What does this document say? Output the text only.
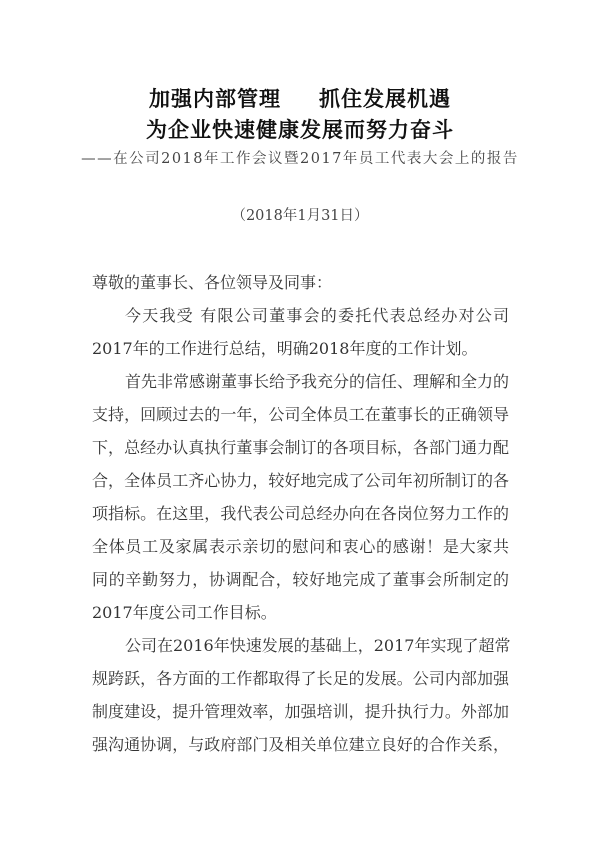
加强内部管理 抓住发展机遇
为企业快速健康发展而努力奋斗
——在公司2018年工作会议暨2017年员工代表大会上的报告
（2018年1月31日）
尊敬的董事长、各位领导及同事：
今天我受 有限公司董事会的委托代表总经办对公司
2017年的工作进行总结，明确2018年度的工作计划。
首先非常感谢董事长给予我充分的信任、理解和全力的
支持，回顾过去的一年，公司全体员工在董事长的正确领导
下，总经办认真执行董事会制订的各项目标，各部门通力配
合，全体员工齐心协力，较好地完成了公司年初所制订的各
项指标。在这里，我代表公司总经办向在各岗位努力工作的
全体员工及家属表示亲切的慰问和衷心的感谢！是大家共
同的辛勤努力，协调配合，较好地完成了董事会所制定的
2017年度公司工作目标。
公司在2016年快速发展的基础上，2017年实现了超常
规跨跃，各方面的工作都取得了长足的发展。公司内部加强
制度建设，提升管理效率，加强培训，提升执行力。外部加
强沟通协调，与政府部门及相关单位建立良好的合作关系，
